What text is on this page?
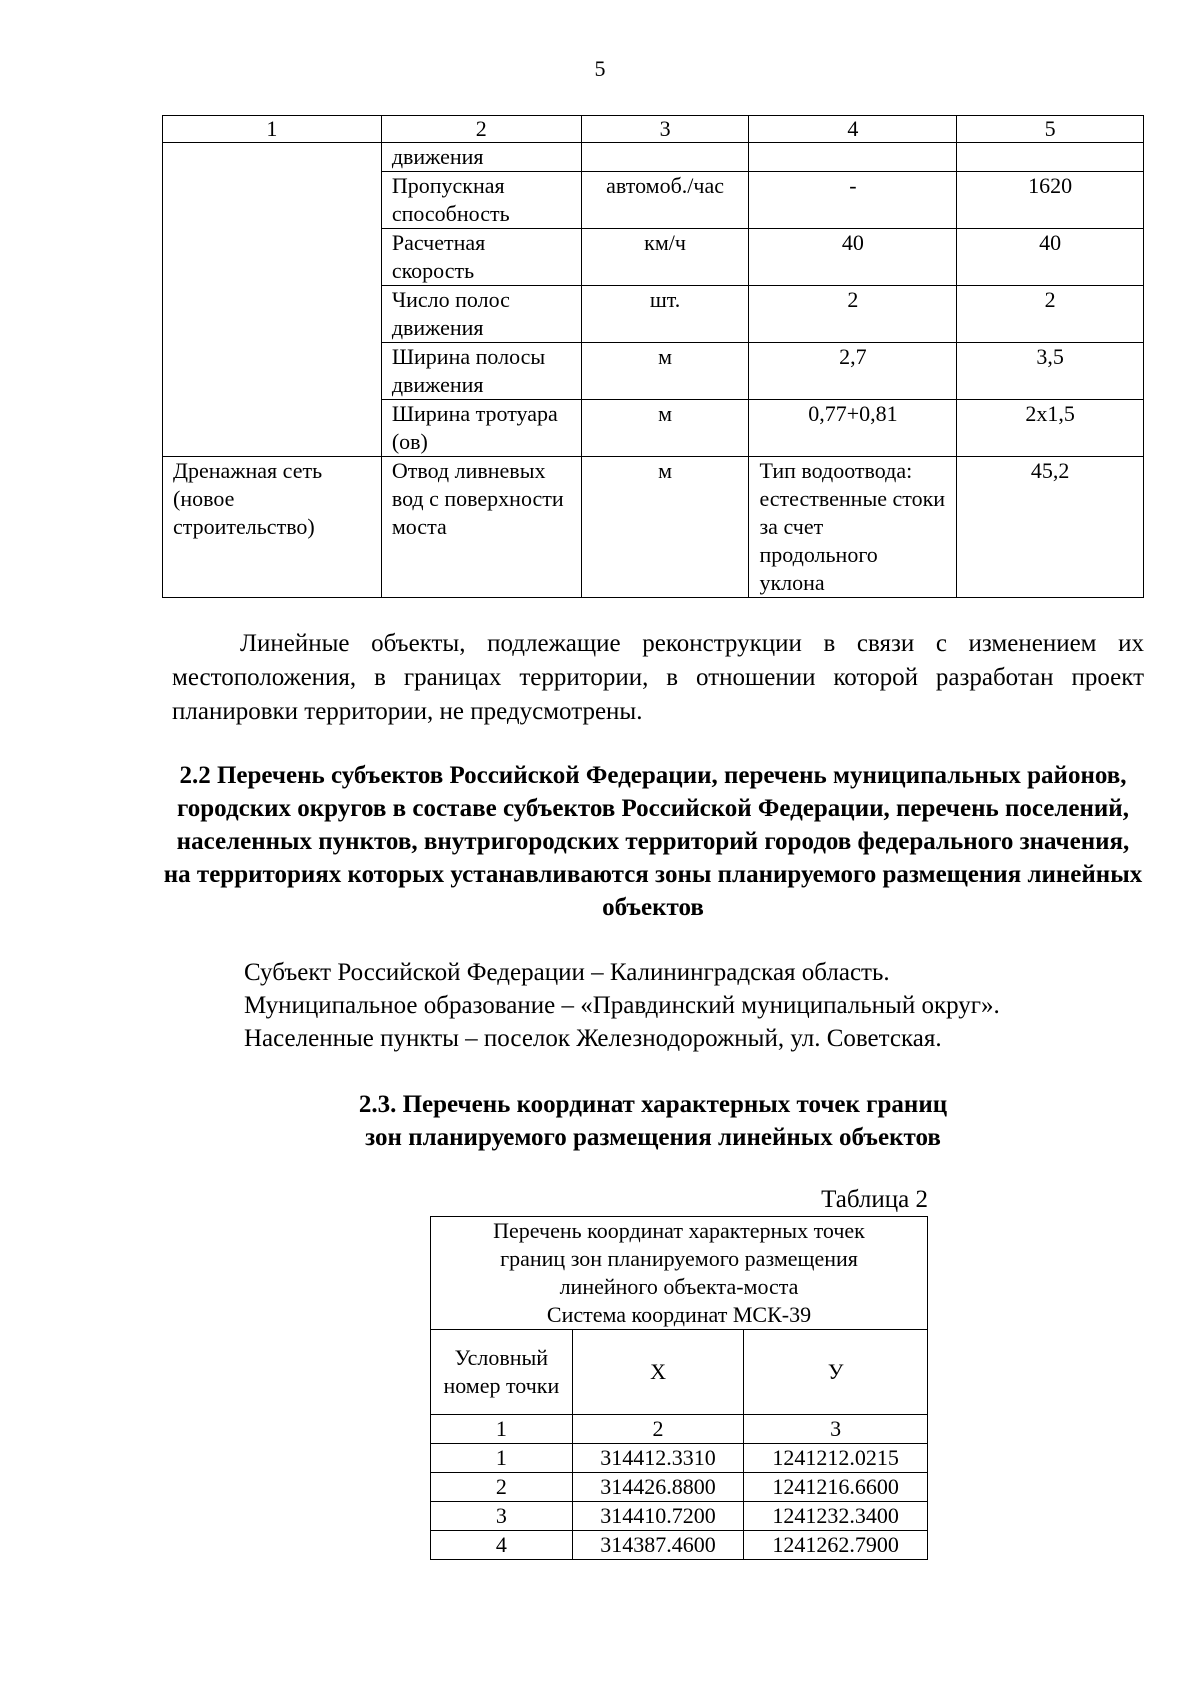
5
1	2	3	4	5
	движения			
	Пропускная способность	автомоб./час	-	1620
	Расчетная скорость	км/ч	40	40
	Число полос движения	шт.	2	2
	Ширина полосы движения	м	2,7	3,5
	Ширина тротуара (ов)	м	0,77+0,81	2х1,5
Дренажная сеть (новое строительство)	Отвод ливневых вод с поверхности моста	м	Тип водоотвода: естественные стоки за счет продольного уклона	45,2
Линейные объекты, подлежащие реконструкции в связи с изменением их местоположения, в границах территории, в отношении которой разработан проект планировки территории, не предусмотрены.
2.2 Перечень субъектов Российской Федерации, перечень муниципальных районов, городских округов в составе субъектов Российской Федерации, перечень поселений, населенных пунктов, внутригородских территорий городов федерального значения, на территориях которых устанавливаются зоны планируемого размещения линейных объектов
Субъект Российской Федерации – Калининградская область.
Муниципальное образование – «Правдинский муниципальный округ».
Населенные пункты – поселок Железнодорожный, ул. Советская.
2.3. Перечень координат характерных точек границ
зон планируемого размещения линейных объектов
Таблица 2
Перечень координат характерных точек
границ зон планируемого размещения
линейного объекта-моста
Система координат МСК-39		

Условный номер точки	Х	У
1	2	3
1	314412.3310	1241212.0215
2	314426.8800	1241216.6600
3	314410.7200	1241232.3400
4	314387.4600	1241262.7900
